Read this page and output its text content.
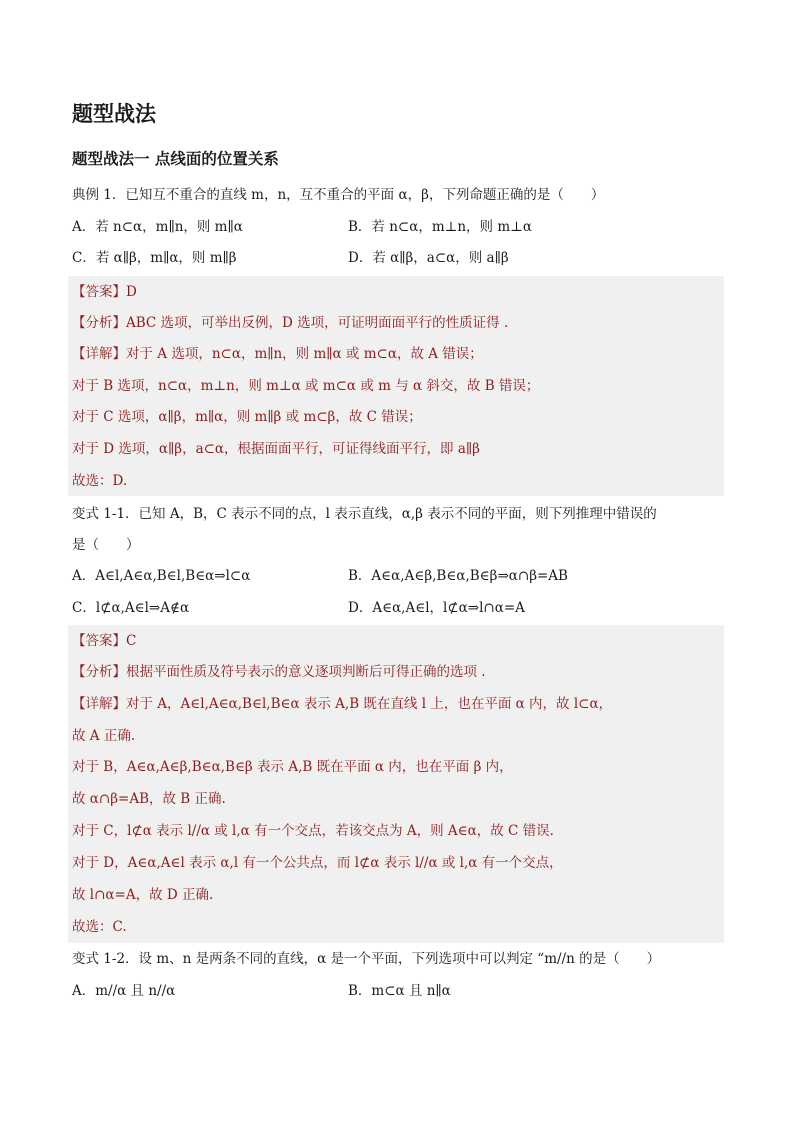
题型战法
题型战法一 点线面的位置关系
典例 1．已知互不重合的直线 m，n，互不重合的平面 α，β，下列命题正确的是（　　）
A．若 n⊂α，m∥n，则 m∥α	B．若 n⊂α，m⊥n，则 m⊥α
C．若 α∥β，m∥α，则 m∥β	D．若 α∥β，a⊂α，则 a∥β
【答案】D
【分析】ABC 选项，可举出反例，D 选项，可证明面面平行的性质证得 .
【详解】对于 A 选项，n⊂α，m∥n，则 m∥α 或 m⊂α，故 A 错误；
对于 B 选项，n⊂α，m⊥n，则 m⊥α 或 m⊂α 或 m 与 α 斜交，故 B 错误；
对于 C 选项，α∥β，m∥α，则 m∥β 或 m⊂β，故 C 错误；
对于 D 选项，α∥β，a⊂α，根据面面平行，可证得线面平行，即 a∥β
故选：D.
变式 1-1．已知 A，B，C 表示不同的点，l 表示直线，α,β 表示不同的平面，则下列推理中错误的
是（　　）
A．A∈l,A∈α,B∈l,B∈α⇒l⊂α	B．A∈α,A∈β,B∈α,B∈β⇒α∩β=AB
C．l⊄α,A∈l⇒A∉α	D．A∈α,A∈l，l⊄α⇒l∩α=A
【答案】C
【分析】根据平面性质及符号表示的意义逐项判断后可得正确的选项 .
【详解】对于 A，A∈l,A∈α,B∈l,B∈α 表示 A,B 既在直线 l 上，也在平面 α 内，故 l⊂α，
故 A 正确.
对于 B，A∈α,A∈β,B∈α,B∈β 表示 A,B 既在平面 α 内，也在平面 β 内，
故 α∩β=AB，故 B 正确.
对于 C，l⊄α 表示 l//α 或 l,α 有一个交点，若该交点为 A，则 A∈α，故 C 错误.
对于 D，A∈α,A∈l 表示 α,l 有一个公共点，而 l⊄α 表示 l//α 或 l,α 有一个交点，
故 l∩α=A，故 D 正确.
故选：C.
变式 1-2．设 m、n 是两条不同的直线，α 是一个平面，下列选项中可以判定 “m//n 的是（　　）
A．m//α 且 n//α	B．m⊂α 且 n∥α
